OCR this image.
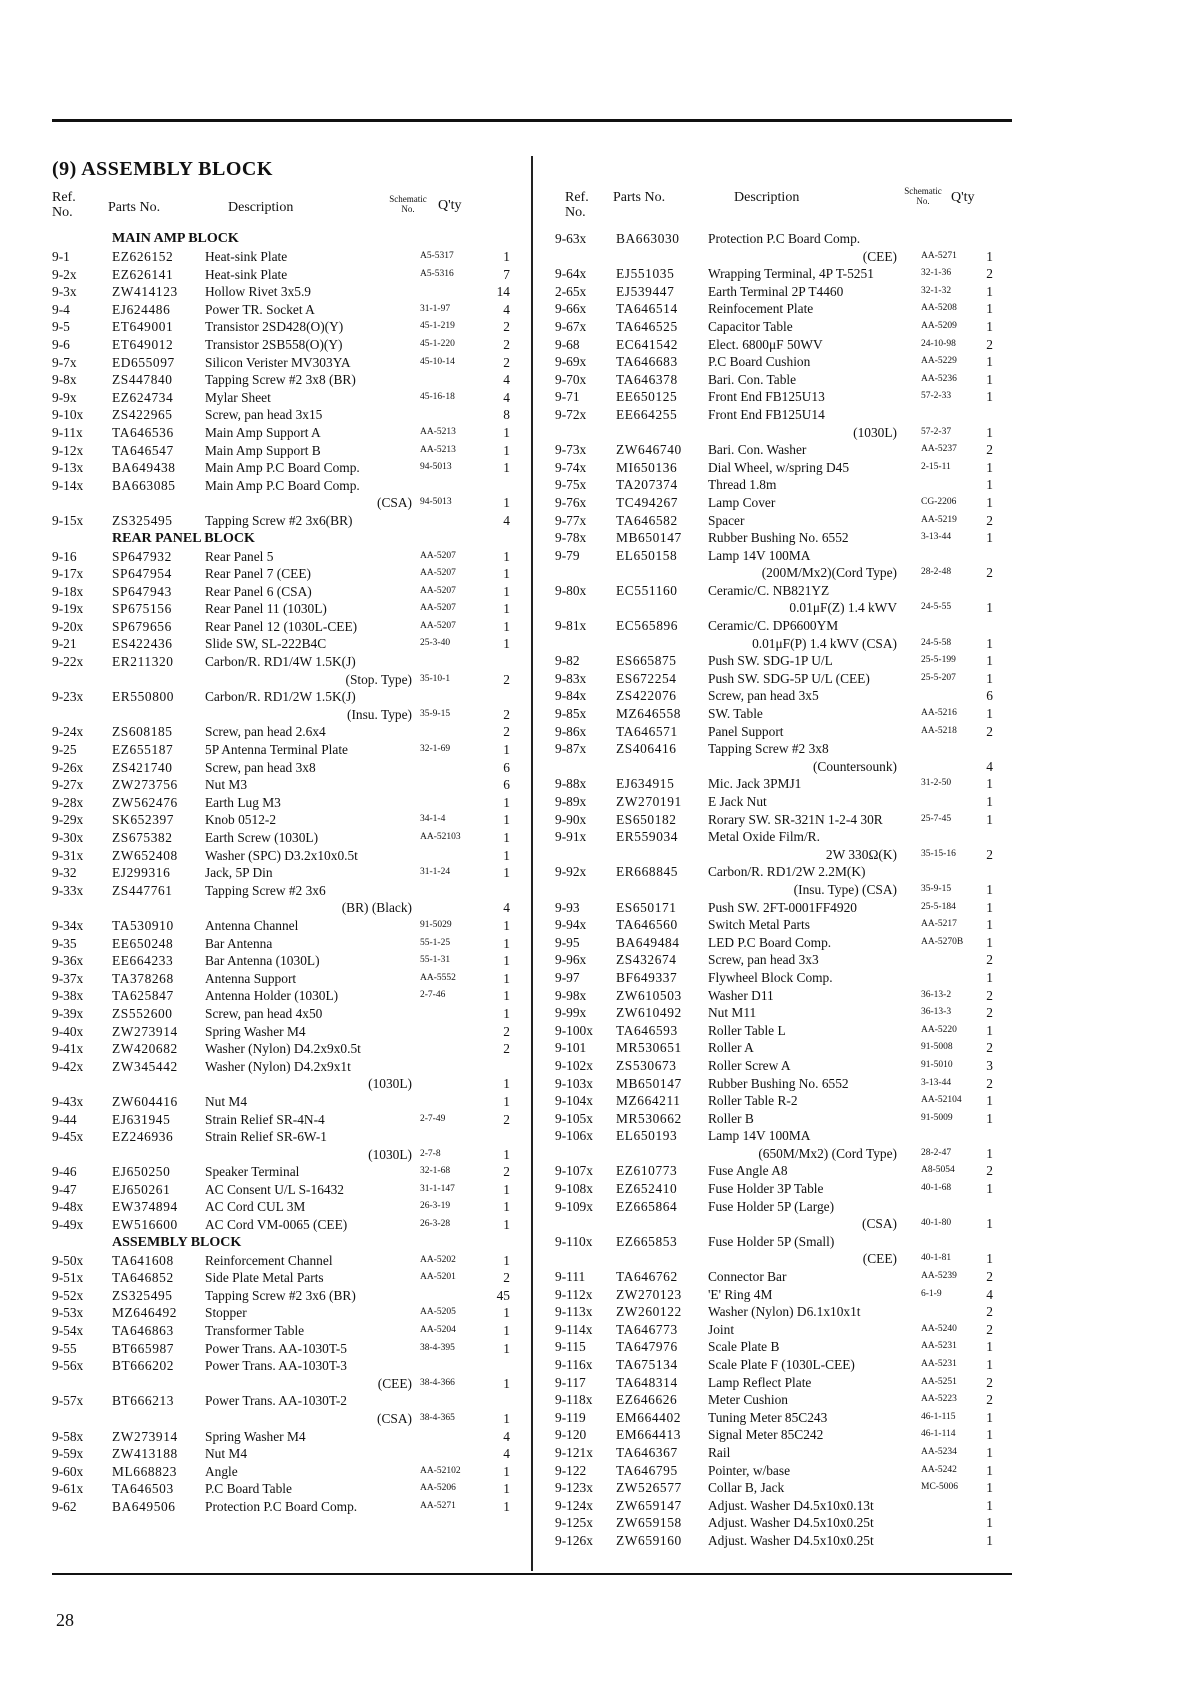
(9) ASSEMBLY BLOCK
Ref.
No.	Parts No.	Description
Schematic
No.	Q'ty
MAIN AMP BLOCK
9-1	EZ626152 Heat-sink Plate	A5-5317	1
9-2x	EZ626141 Heat-sink Plate	A5-5316	7
9-3x	ZW414123 Hollow Rivet 3x5.9	14
9-4	EJ624486	Power TR. Socket A	31-1-97	4
9-5	ET649001 Transistor 2SD428(O)(Y)	45-1-219	2
9-6	ET649012 Transistor 2SB558(O)(Y)	45-1-220	2
9-7x	ED655097 Silicon Verister MV303YA	45-10-14	2
9-8x	ZS447840 Tapping Screw #2 3x8 (BR)	4
9-9x	EZ624734 Mylar Sheet	45-16-18	4
9-10x ZS422965 Screw, pan head 3x15	8
9-11x TA646536 Main Amp Support A	AA-5213	1
9-12x TA646547 Main Amp Support B	AA-5213	1
9-13x BA649438 Main Amp P.C Board Comp.	94-5013	1
9-14x BA663085 Main Amp P.C Board Comp.
(CSA) 94-5013	1
9-15x ZS325495 Tapping Screw #2 3x6(BR)	4
REAR PANEL BLOCK
9-16	SP647932 Rear Panel 5	AA-5207	1
9-17x SP647954 Rear Panel 7 (CEE)	AA-5207	1
9-18x SP647943 Rear Panel 6 (CSA)	AA-5207	1
9-19x SP675156 Rear Panel 11 (1030L)	AA-5207	1
9-20x SP679656 Rear Panel 12 (1030L-CEE)	AA-5207	1
9-21	ES422436 Slide SW, SL-222B4C	25-3-40	1
9-22x ER211320 Carbon/R. RD1/4W 1.5K(J)
(Stop. Type) 35-10-1	2
9-23x ER550800 Carbon/R. RD1/2W 1.5K(J)
(Insu. Type) 35-9-15	2
9-24x ZS608185 Screw, pan head 2.6x4	2
9-25	EZ655187 5P Antenna Terminal Plate	32-1-69	1
9-26x ZS421740 Screw, pan head 3x8	6
9-27x ZW273756 Nut M3	6
9-28x ZW562476 Earth Lug M3	1
9-29x SK652397 Knob 0512-2	34-1-4	1
9-30x ZS675382 Earth Screw (1030L)	AA-52103	1
9-31x ZW652408 Washer (SPC) D3.2x10x0.5t	1
9-32	EJ299316	Jack, 5P Din	31-1-24	1
9-33x ZS447761 Tapping Screw #2 3x6
(BR) (Black)	4
9-34x TA530910 Antenna Channel	91-5029	1
9-35	EE650248 Bar Antenna	55-1-25	1
9-36x EE664233 Bar Antenna (1030L)	55-1-31	1
9-37x TA378268 Antenna Support	AA-5552	1
9-38x TA625847 Antenna Holder (1030L)	2-7-46	1
9-39x ZS552600 Screw, pan head 4x50	1
9-40x ZW273914 Spring Washer M4	2
9-41x ZW420682 Washer (Nylon) D4.2x9x0.5t	2
9-42x ZW345442 Washer (Nylon) D4.2x9x1t
(1030L)	1
9-43x ZW604416 Nut M4	1
9-44	EJ631945	Strain Relief SR-4N-4	2-7-49	2
9-45x EZ246936 Strain Relief SR-6W-1
(1030L) 2-7-8	1
9-46	EJ650250	Speaker Terminal	32-1-68	2
9-47	EJ650261	AC Consent U/L S-16432	31-1-147	1
9-48x EW374894 AC Cord CUL 3M	26-3-19	1
9-49x EW516600 AC Cord VM-0065 (CEE)	26-3-28	1
ASSEMBLY BLOCK
9-50x TA641608 Reinforcement Channel	AA-5202	1
9-51x TA646852 Side Plate Metal Parts	AA-5201	2
9-52x ZS325495 Tapping Screw #2 3x6 (BR)	45
9-53x MZ646492 Stopper	AA-5205	1
9-54x TA646863 Transformer Table	AA-5204	1
9-55	BT665987 Power Trans. AA-1030T-5	38-4-395	1
9-56x BT666202 Power Trans. AA-1030T-3
(CEE) 38-4-366	1
9-57x BT666213 Power Trans. AA-1030T-2
(CSA) 38-4-365	1
9-58x ZW273914 Spring Washer M4	4
9-59x ZW413188 Nut M4	4
9-60x ML668823 Angle	AA-52102	1
9-61x TA646503 P.C Board Table	AA-5206	1
9-62	BA649506 Protection P.C Board Comp.	AA-5271	1
Ref.
No.
Parts No.	Description	Schematic
No.	Q'ty
9-63x BA663030 Protection P.C Board Comp.
(CEE)	AA-5271	1
9-64x EJ551035	Wrapping Terminal, 4P T-5251	32-1-36	2
2-65x EJ539447	Earth Terminal 2P T4460	32-1-32	1
9-66x TA646514 Reinfocement Plate	AA-5208	1
9-67x TA646525 Capacitor Table	AA-5209	1
9-68	EC641542 Elect. 6800μF 50WV	24-10-98	2
9-69x TA646683 P.C Board Cushion	AA-5229	1
9-70x TA646378 Bari. Con. Table	AA-5236	1
9-71	EE650125 Front End FB125U13	57-2-33	1
9-72x EE664255 Front End FB125U14
(1030L)	57-2-37	1
9-73x ZW646740 Bari. Con. Washer	AA-5237	2
9-74x MI650136 Dial Wheel, w/spring D45	2-15-11	1
9-75x TA207374 Thread 1.8m	1
9-76x TC494267 Lamp Cover	CG-2206	1
9-77x TA646582 Spacer	AA-5219	2
9-78x MB650147 Rubber Bushing No. 6552	3-13-44	1
9-79	EL650158 Lamp 14V 100MA
(200M/Mx2)(Cord Type)	28-2-48	2
9-80x EC551160 Ceramic/C. NB821YZ
0.01μF(Z) 1.4 kWV	24-5-55	1
9-81x EC565896 Ceramic/C. DP6600YM
0.01μF(P) 1.4 kWV (CSA)	24-5-58	1
9-82	ES665875 Push SW. SDG-1P U/L	25-5-199	1
9-83x ES672254 Push SW. SDG-5P U/L (CEE)	25-5-207	1
9-84x ZS422076 Screw, pan head 3x5	6
9-85x MZ646558 SW. Table	AA-5216	1
9-86x TA646571 Panel Support	AA-5218	2
9-87x ZS406416 Tapping Screw #2 3x8
(Countersounk)	4
9-88x EJ634915	Mic. Jack 3PMJ1	31-2-50	1
9-89x ZW270191 E Jack Nut	1
9-90x ES650182 Rorary SW. SR-321N 1-2-4 30R	25-7-45	1
9-91x ER559034 Metal Oxide Film/R.
2W 330Ω(K)	35-15-16	2
9-92x ER668845 Carbon/R. RD1/2W 2.2M(K)
(Insu. Type) (CSA)	35-9-15	1
9-93	ES650171 Push SW. 2FT-0001FF4920	25-5-184	1
9-94x TA646560 Switch Metal Parts	AA-5217	1
9-95	BA649484 LED P.C Board Comp.	AA-5270B	1
9-96x ZS432674 Screw, pan head 3x3	2
9-97	BF649337 Flywheel Block Comp.	1
9-98x ZW610503 Washer D11	36-13-2	2
9-99x ZW610492 Nut M11	36-13-3	2
9-100x TA646593 Roller Table L	AA-5220	1
9-101 MR530651 Roller A	91-5008	2
9-102x ZS530673 Roller Screw A	91-5010	3
9-103x MB650147 Rubber Bushing No. 6552	3-13-44	2
9-104x MZ664211 Roller Table R-2	AA-52104	1
9-105x MR530662 Roller B	91-5009	1
9-106x EL650193 Lamp 14V 100MA
(650M/Mx2) (Cord Type)	28-2-47	1
9-107x EZ610773 Fuse Angle A8	A8-5054	2
9-108x EZ652410 Fuse Holder 3P Table	40-1-68	1
9-109x EZ665864 Fuse Holder 5P (Large)
(CSA)	40-1-80	1
9-110x EZ665853 Fuse Holder 5P (Small)
(CEE)	40-1-81	1
9-111 TA646762 Connector Bar	AA-5239	2
9-112x ZW270123 'E' Ring 4M	6-1-9	4
9-113x ZW260122 Washer (Nylon) D6.1x10x1t	2
9-114x TA646773 Joint	AA-5240	2
9-115 TA647976 Scale Plate B	AA-5231	1
9-116x TA675134 Scale Plate F (1030L-CEE)	AA-5231	1
9-117 TA648314 Lamp Reflect Plate	AA-5251	2
9-118x EZ646626 Meter Cushion	AA-5223	2
9-119 EM664402 Tuning Meter 85C243	46-1-115	1
9-120 EM664413 Signal Meter 85C242	46-1-114	1
9-121x TA646367 Rail	AA-5234	1
9-122 TA646795 Pointer, w/base	AA-5242	1
9-123x ZW526577 Collar B, Jack	MC-5006	1
9-124x ZW659147 Adjust. Washer D4.5x10x0.13t	1
9-125x ZW659158 Adjust. Washer D4.5x10x0.25t	1
9-126x ZW659160 Adjust. Washer D4.5x10x0.25t	1
28
